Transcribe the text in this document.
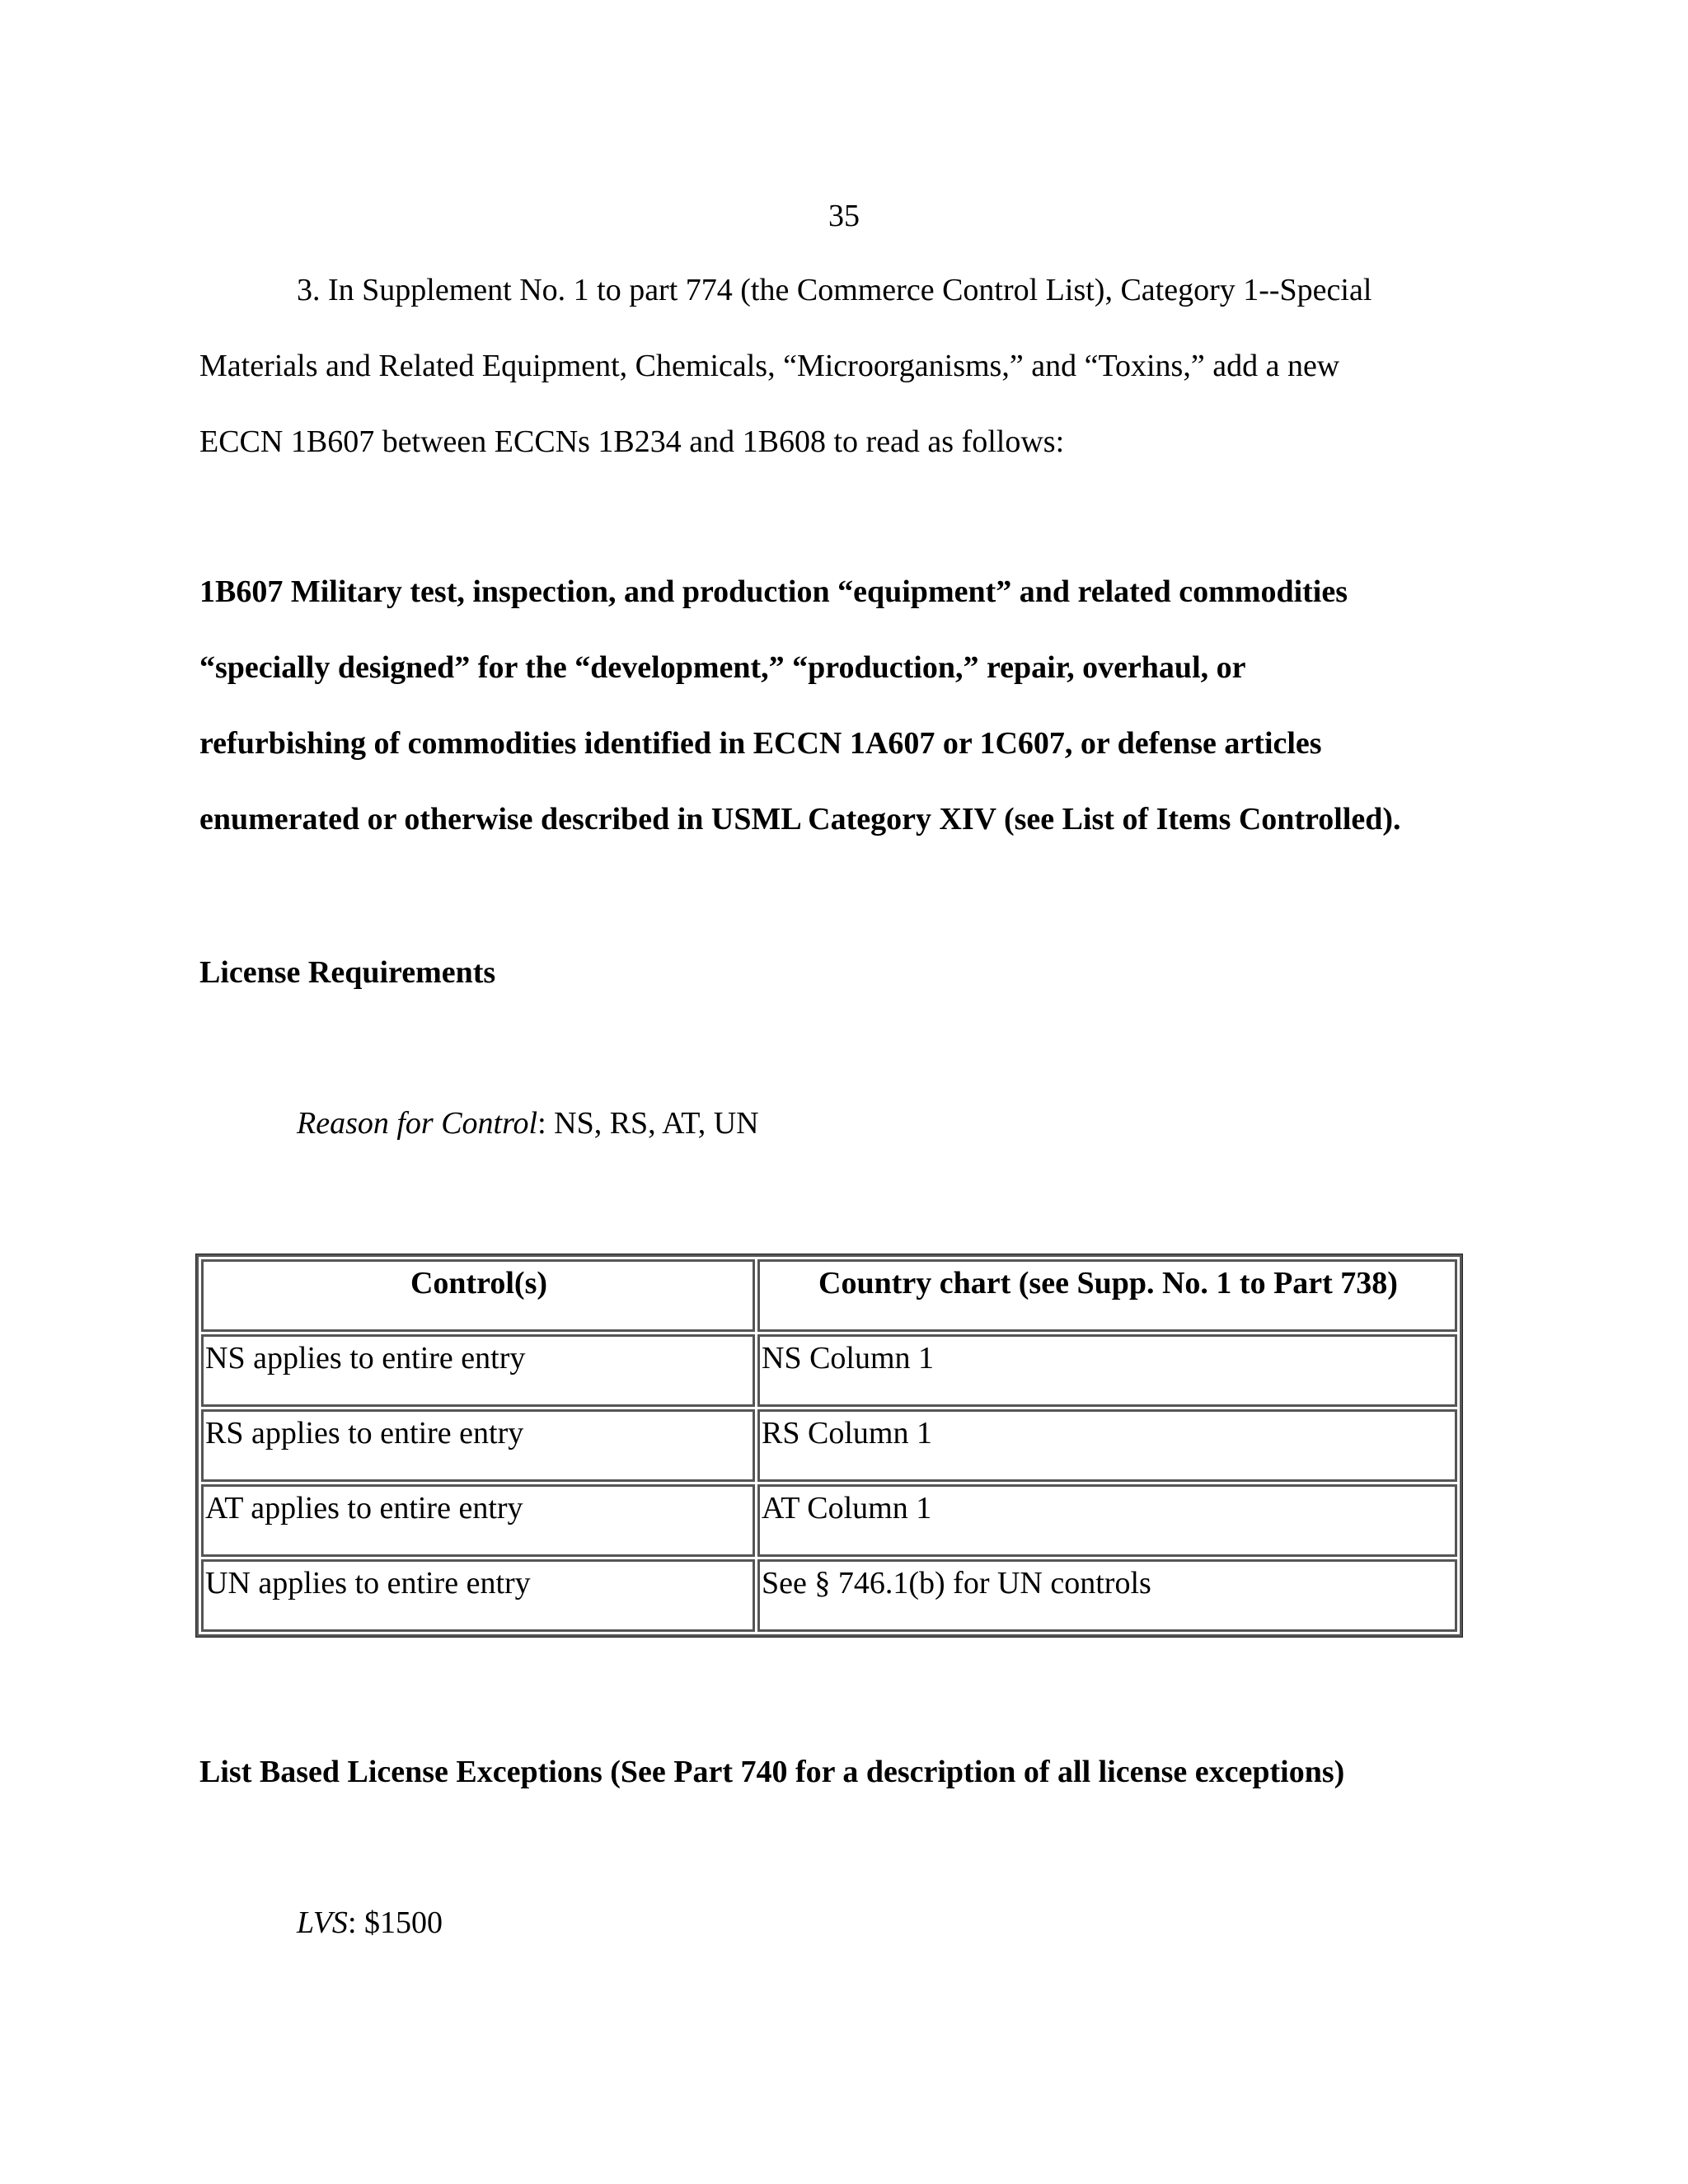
35
3. In Supplement No. 1 to part 774 (the Commerce Control List), Category 1--Special
Materials and Related Equipment, Chemicals, “Microorganisms,” and “Toxins,” add a new
ECCN 1B607 between ECCNs 1B234 and 1B608 to read as follows:
1B607 Military test, inspection, and production “equipment” and related commodities
“specially designed” for the “development,” “production,” repair, overhaul, or
refurbishing of commodities identified in ECCN 1A607 or 1C607, or defense articles
enumerated or otherwise described in USML Category XIV (see List of Items Controlled).
License Requirements
Reason for Control: NS, RS, AT, UN
Control(s)	Country chart (see Supp. No. 1 to Part 738)
NS applies to entire entry	NS Column 1
RS applies to entire entry	RS Column 1
AT applies to entire entry	AT Column 1
UN applies to entire entry	See § 746.1(b) for UN controls
List Based License Exceptions (See Part 740 for a description of all license exceptions)
LVS: $1500
